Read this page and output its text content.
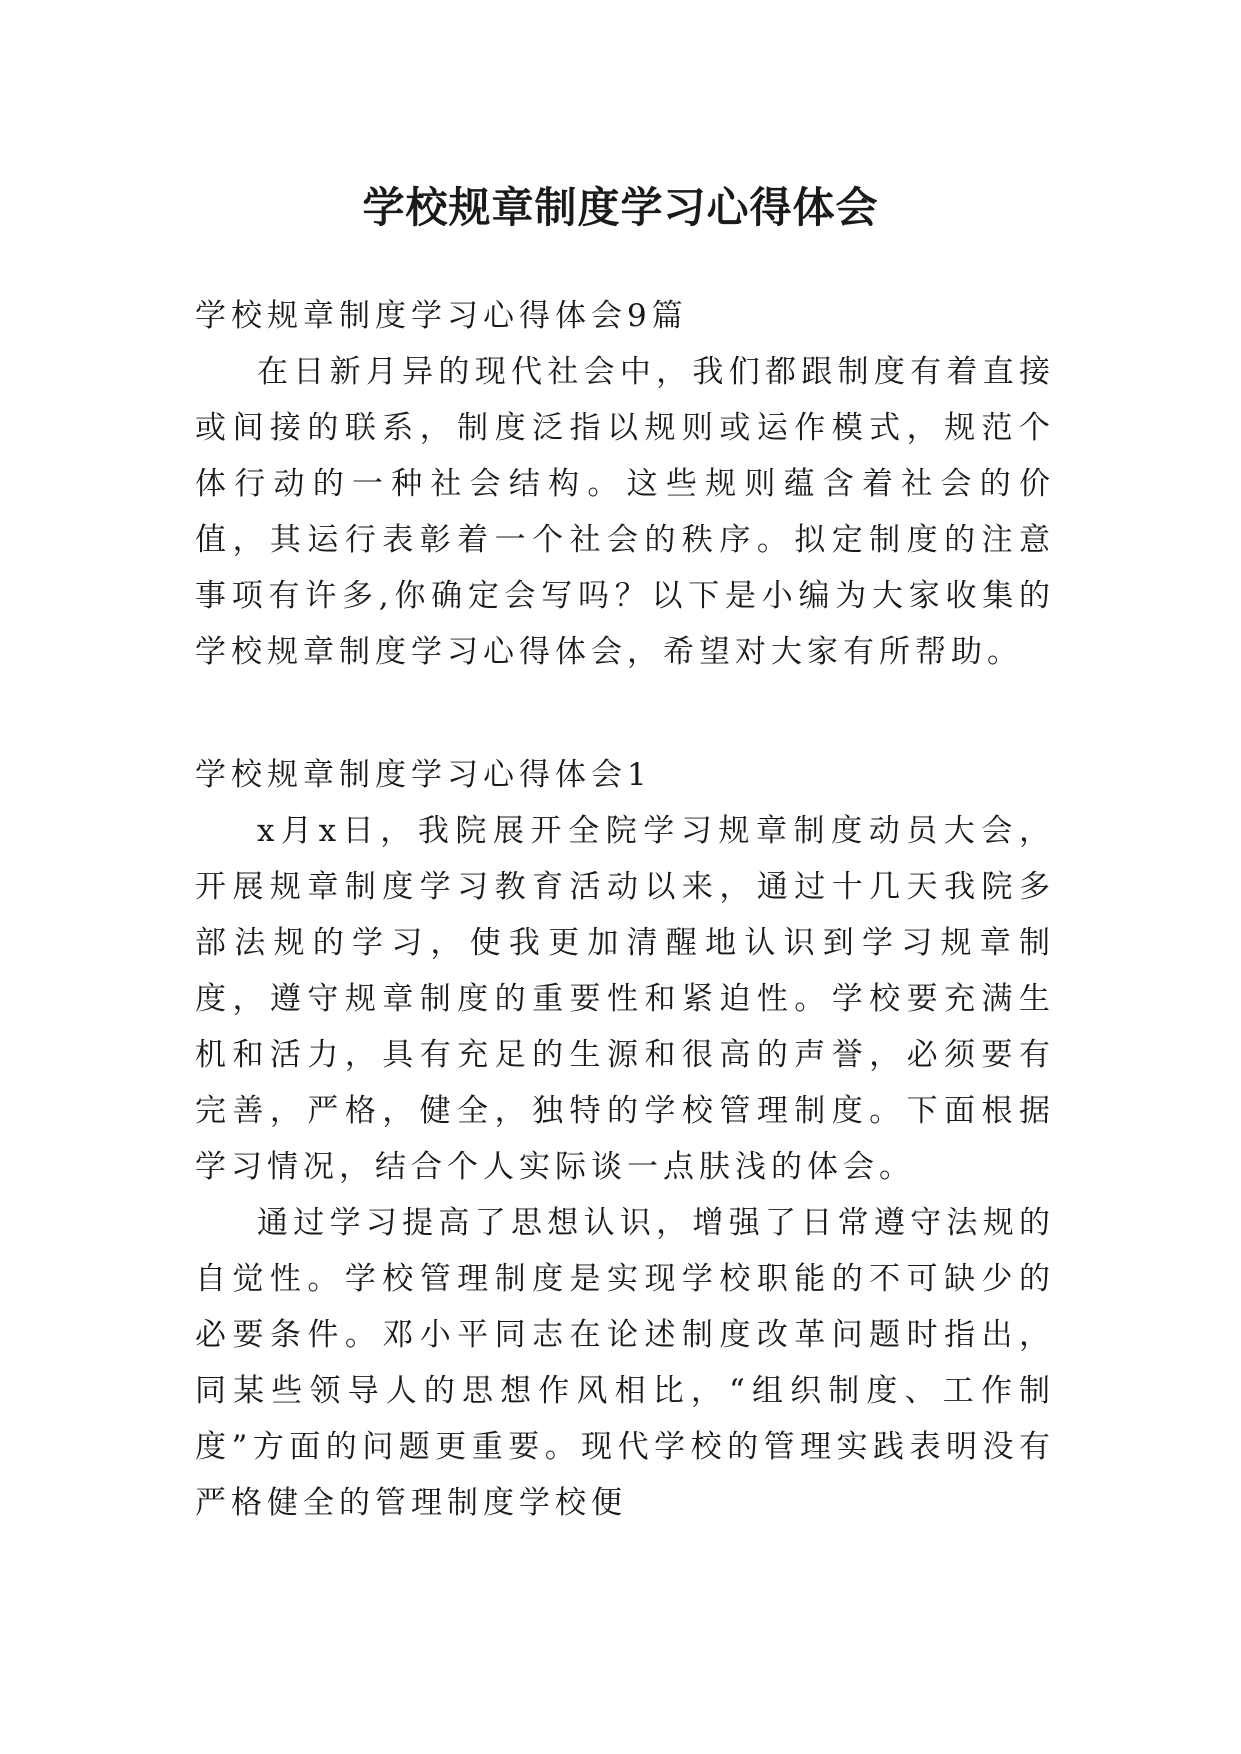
学校规章制度学习心得体会

学校规章制度学习心得体会9篇

在日新月异的现代社会中，我们都跟制度有着直接或间接的联系，制度泛指以规则或运作模式，规范个体行动的一种社会结构。这些规则蕴含着社会的价值，其运行表彰着一个社会的秩序。拟定制度的注意事项有许多,你确定会写吗？以下是小编为大家收集的学校规章制度学习心得体会，希望对大家有所帮助。

学校规章制度学习心得体会1

x月x日，我院展开全院学习规章制度动员大会，开展规章制度学习教育活动以来，通过十几天我院多部法规的学习，使我更加清醒地认识到学习规章制度，遵守规章制度的重要性和紧迫性。学校要充满生机和活力，具有充足的生源和很高的声誉，必须要有完善，严格，健全，独特的学校管理制度。下面根据学习情况，结合个人实际谈一点肤浅的体会。

通过学习提高了思想认识，增强了日常遵守法规的自觉性。学校管理制度是实现学校职能的不可缺少的必要条件。邓小平同志在论述制度改革问题时指出，同某些领导人的思想作风相比，“组织制度、工作制度”方面的问题更重要。现代学校的管理实践表明没有严格健全的管理制度学校便
